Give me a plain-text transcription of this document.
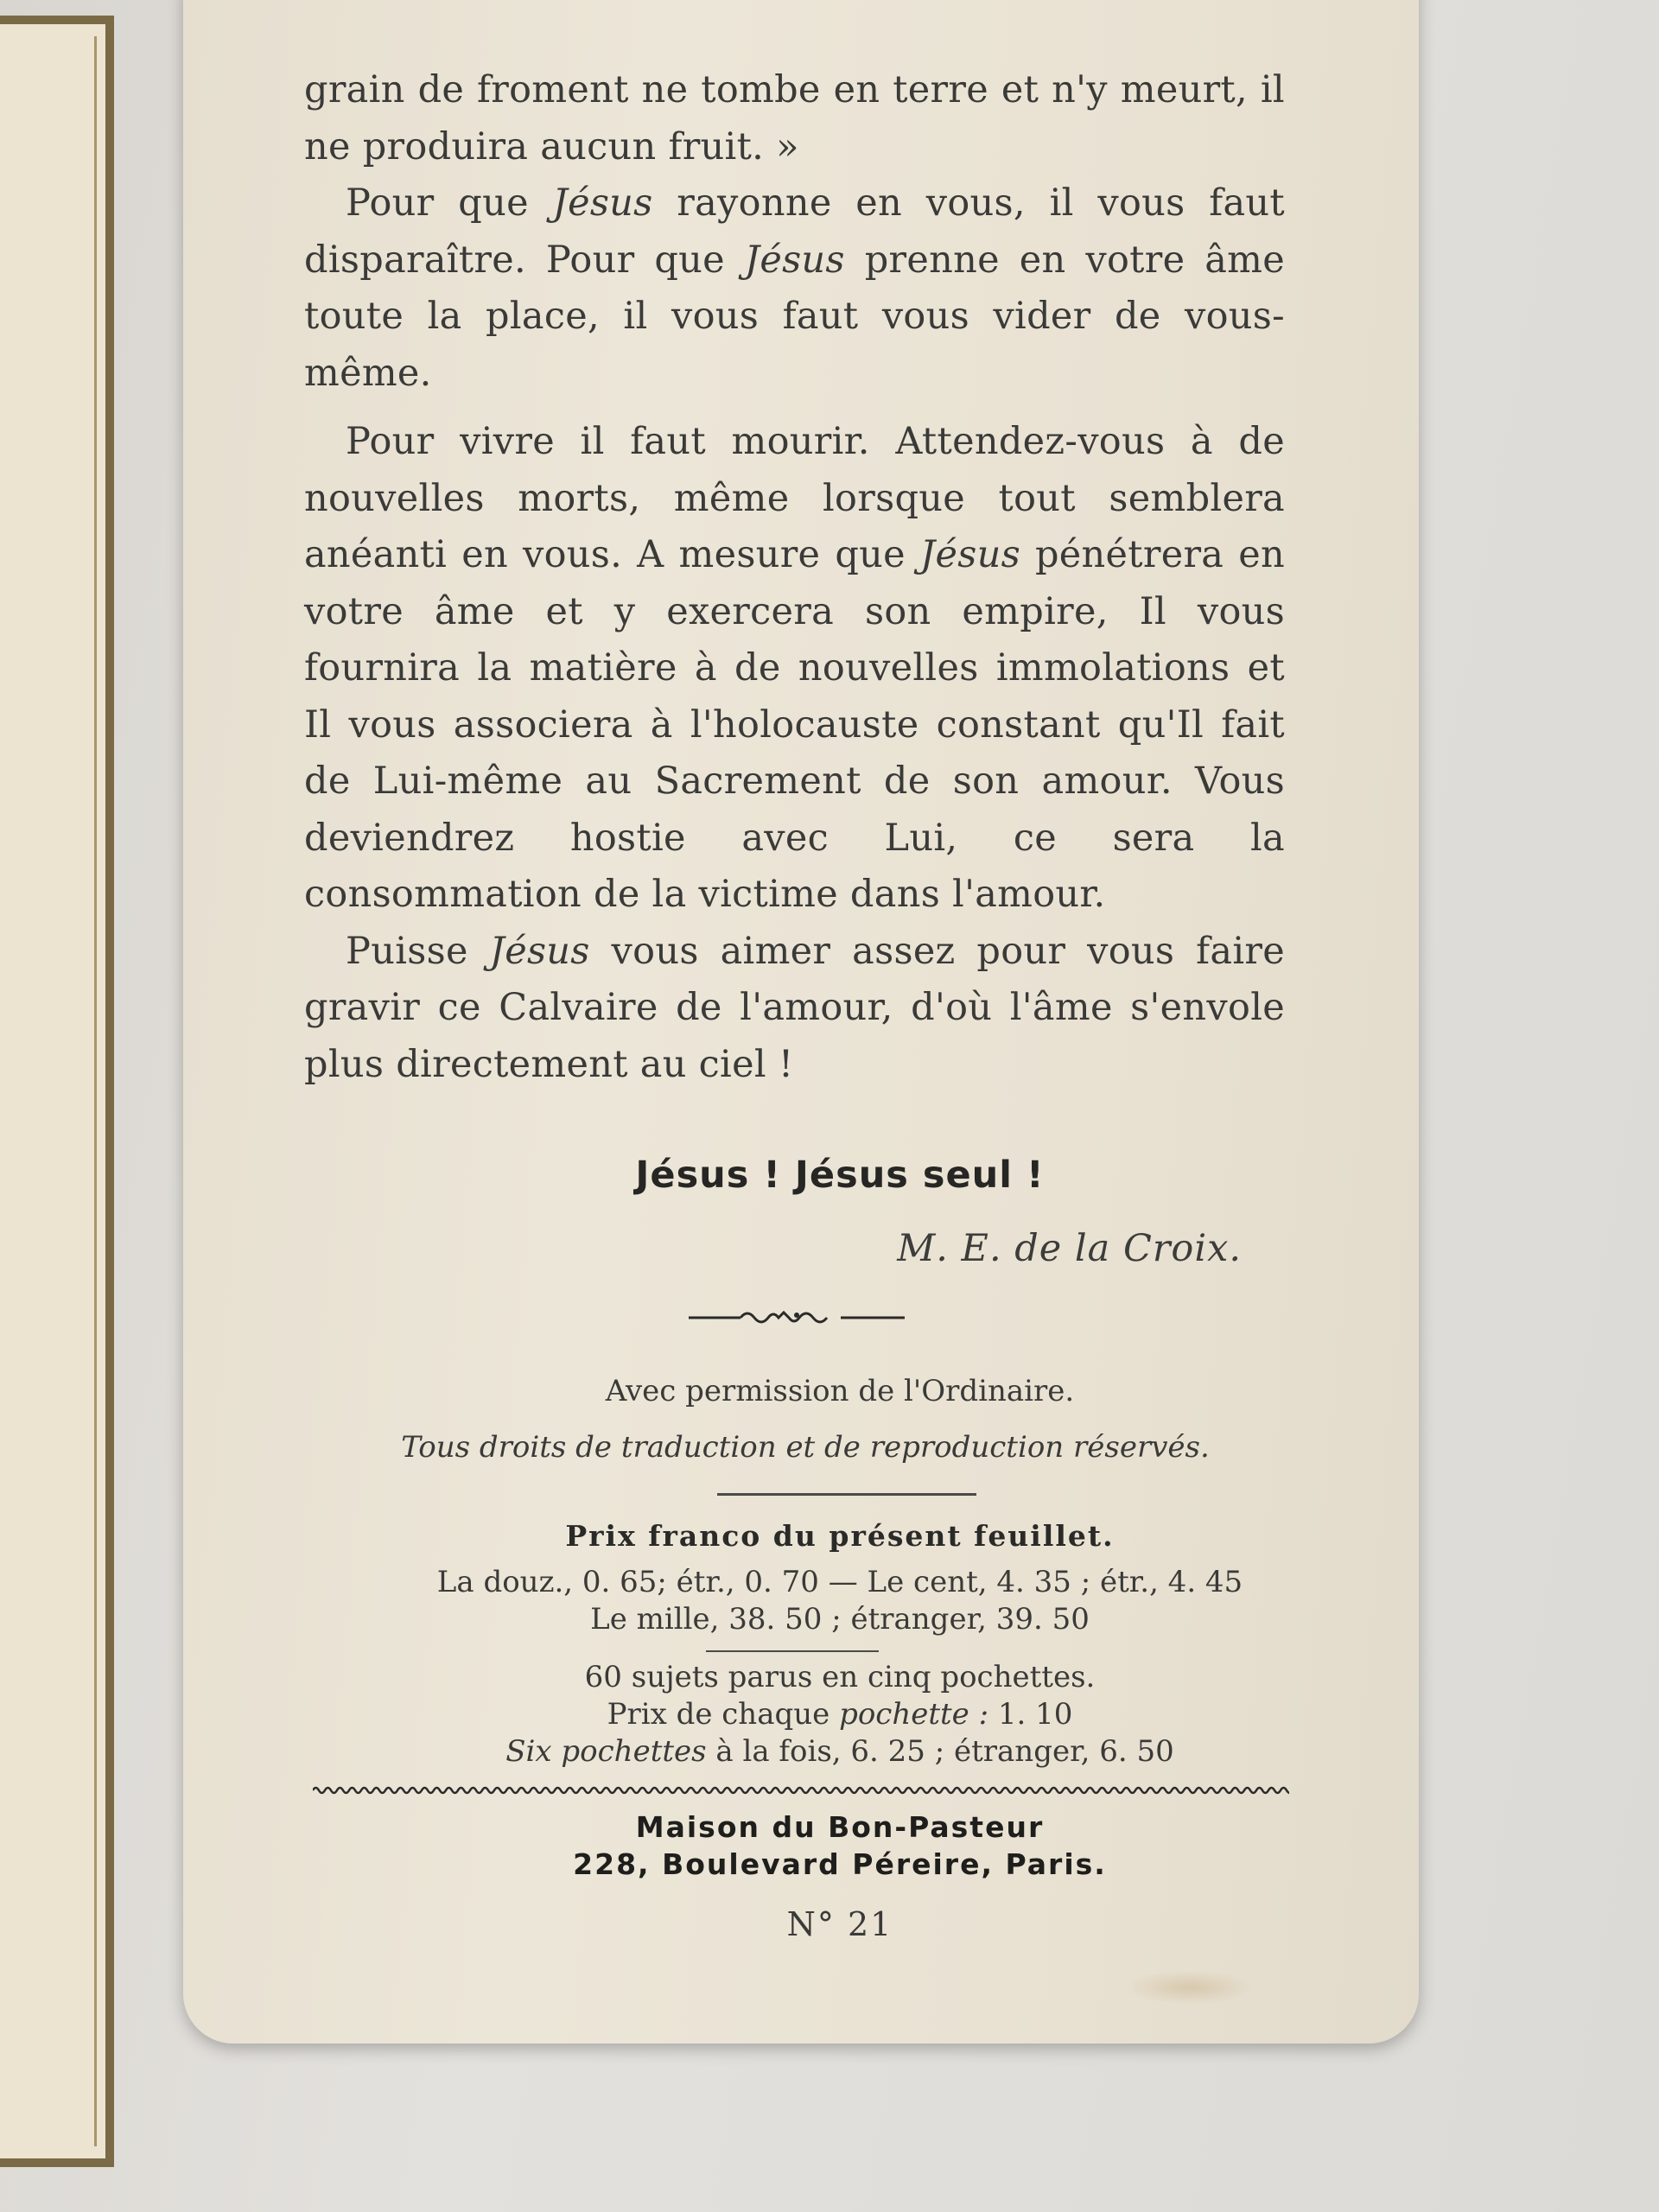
grain de froment ne tombe en terre et n'y meurt, il ne produira aucun fruit. »

Pour que Jésus rayonne en vous, il vous faut disparaître. Pour que Jésus prenne en votre âme toute la place, il vous faut vous vider de vous-même.

Pour vivre il faut mourir. Attendez-vous à de nouvelles morts, même lorsque tout semblera anéanti en vous. A mesure que Jésus pénétrera en votre âme et y exercera son empire, Il vous fournira la matière à de nouvelles immolations et Il vous associera à l'holocauste constant qu'Il fait de Lui-même au Sacrement de son amour. Vous deviendrez hostie avec Lui, ce sera la consommation de la victime dans l'amour.

Puisse Jésus vous aimer assez pour vous faire gravir ce Calvaire de l'amour, d'où l'âme s'envole plus directement au ciel !

Jésus ! Jésus seul !
M. E. de la Croix.
Avec permission de l'Ordinaire.
Tous droits de traduction et de reproduction réservés.
Prix franco du présent feuillet.
La douz., 0. 65; étr., 0. 70 — Le cent, 4. 35 ; étr., 4. 45
Le mille, 38. 50 ; étranger, 39. 50
60 sujets parus en cinq pochettes.
Prix de chaque pochette : 1. 10
Six pochettes à la fois, 6. 25 ; étranger, 6. 50
Maison du Bon-Pasteur
228, Boulevard Péreire, Paris.
N° 21
